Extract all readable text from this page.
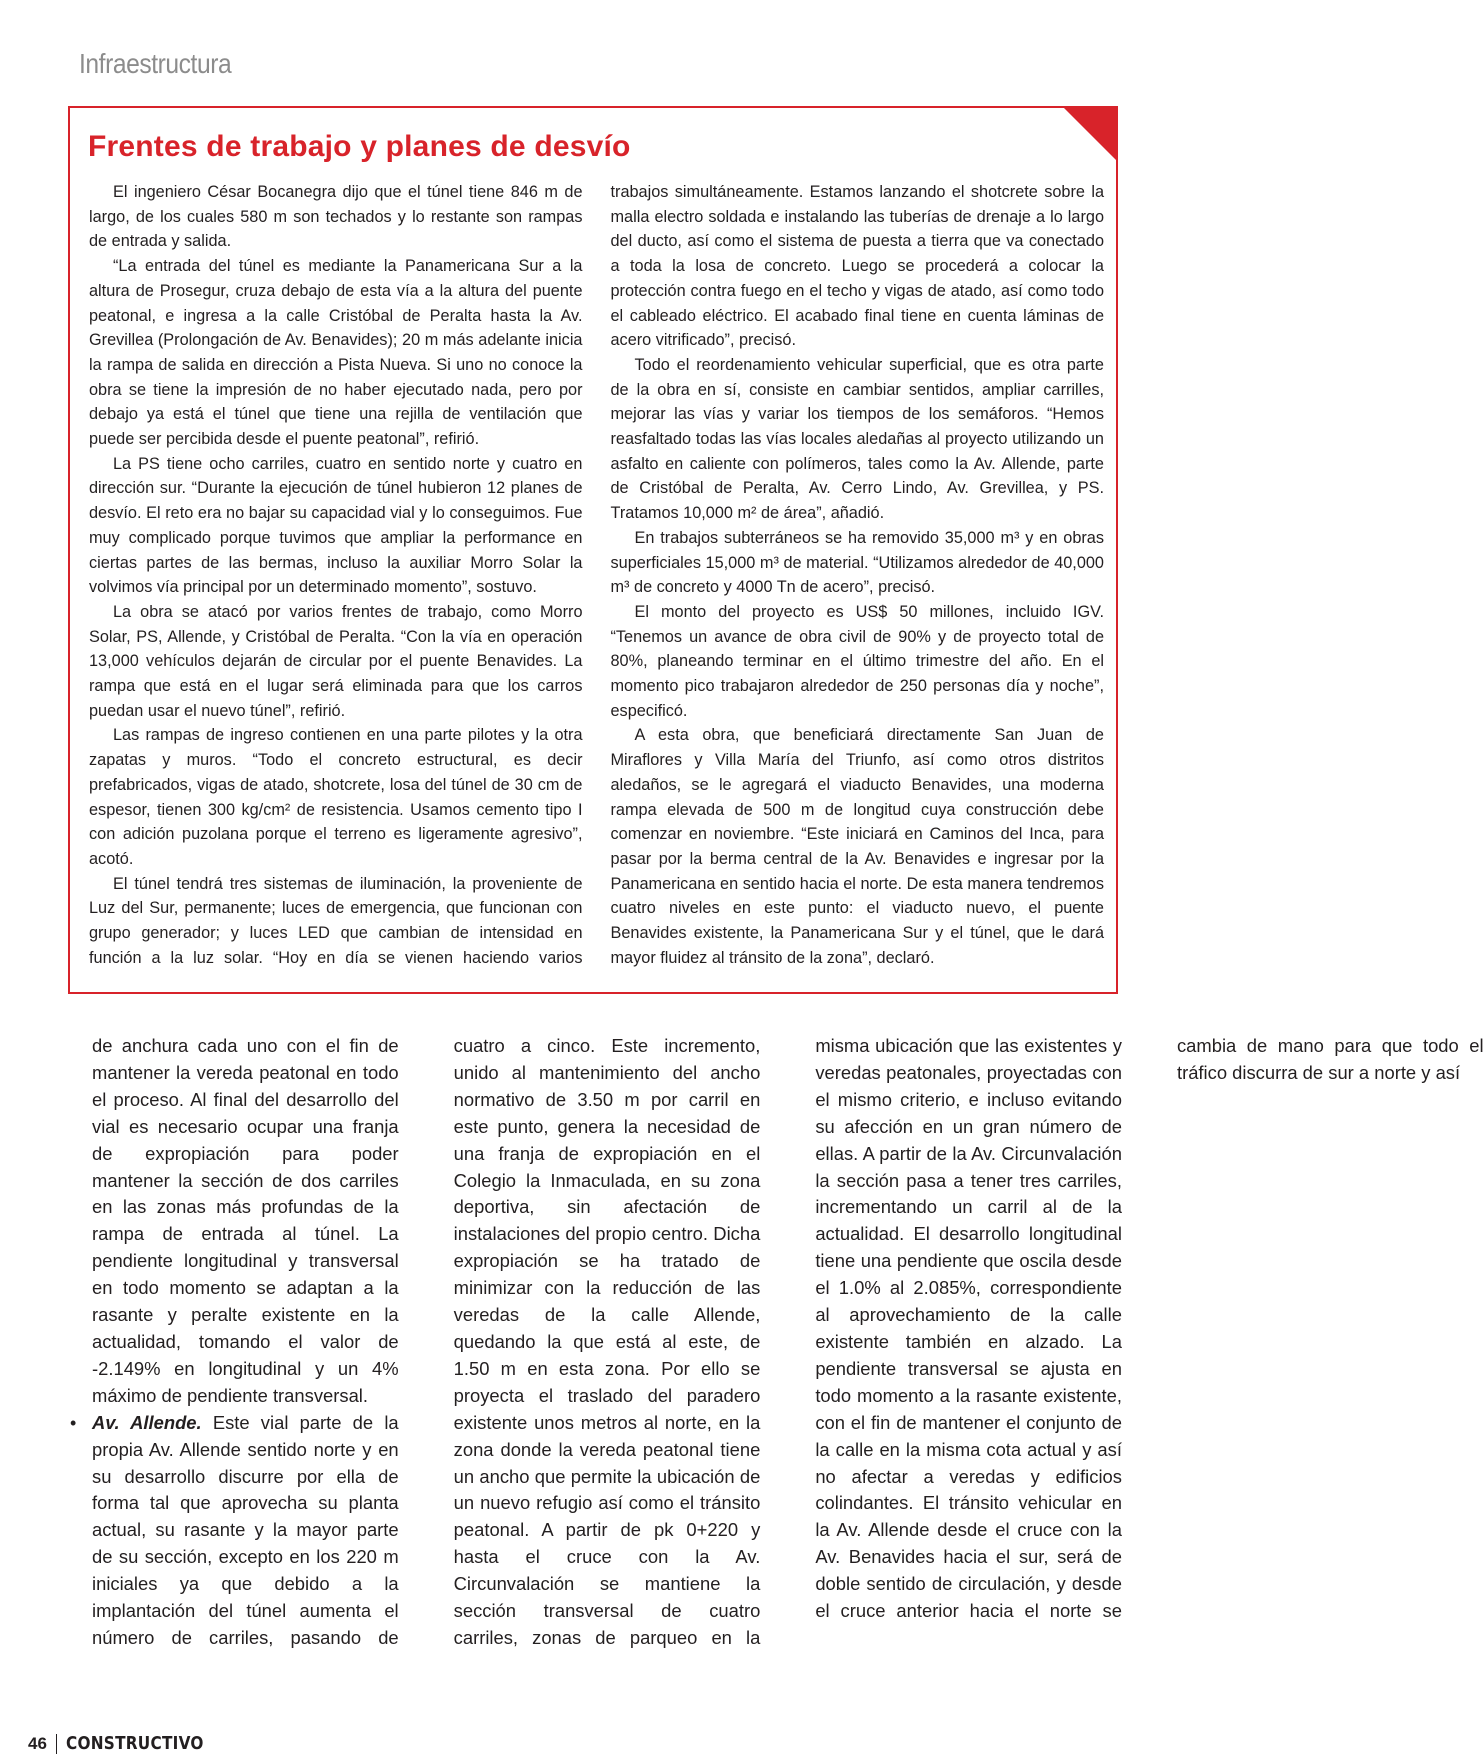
Infraestructura
Frentes de trabajo y planes de desvío

El ingeniero César Bocanegra dijo que el túnel tiene 846 m de largo, de los cuales 580 m son techados y lo restante son rampas de entrada y salida.

“La entrada del túnel es mediante la Panamericana Sur a la altura de Prosegur, cruza debajo de esta vía a la altura del puente peatonal, e ingresa a la calle Cristóbal de Peralta hasta la Av. Grevillea (Prolongación de Av. Benavides); 20 m más adelante inicia la rampa de salida en dirección a Pista Nueva. Si uno no conoce la obra se tiene la impresión de no haber ejecutado nada, pero por debajo ya está el túnel que tiene una rejilla de ventilación que puede ser percibida desde el puente peatonal”, refirió.

La PS tiene ocho carriles, cuatro en sentido norte y cuatro en dirección sur. “Durante la ejecución de túnel hubieron 12 planes de desvío. El reto era no bajar su capacidad vial y lo conseguimos. Fue muy complicado porque tuvimos que ampliar la performance en ciertas partes de las bermas, incluso la auxiliar Morro Solar la volvimos vía principal por un determinado momento”, sostuvo.

La obra se atacó por varios frentes de trabajo, como Morro Solar, PS, Allende, y Cristóbal de Peralta. “Con la vía en operación 13,000 vehículos dejarán de circular por el puente Benavides. La rampa que está en el lugar será eliminada para que los carros puedan usar el nuevo túnel”, refirió.

Las rampas de ingreso contienen en una parte pilotes y la otra zapatas y muros. “Todo el concreto estructural, es decir prefabricados, vigas de atado, shotcrete, losa del túnel de 30 cm de espesor, tienen 300 kg/cm² de resistencia. Usamos cemento tipo I con adición puzolana porque el terreno es ligeramente agresivo”, acotó.

El túnel tendrá tres sistemas de iluminación, la proveniente de Luz del Sur, permanente; luces de emergencia, que funcionan con grupo generador; y luces LED que cambian de intensidad en función a la luz solar. “Hoy en día se vienen haciendo varios trabajos simultáneamente. Estamos lanzando el shotcrete sobre la malla electro soldada e instalando las tuberías de drenaje a lo largo del ducto, así como el sistema de puesta a tierra que va conectado a toda la losa de concreto. Luego se procederá a colocar la protección contra fuego en el techo y vigas de atado, así como todo el cableado eléctrico. El acabado final tiene en cuenta láminas de acero vitrificado”, precisó.

Todo el reordenamiento vehicular superficial, que es otra parte de la obra en sí, consiste en cambiar sentidos, ampliar carrilles, mejorar las vías y variar los tiempos de los semáforos. “Hemos reasfaltado todas las vías locales aledañas al proyecto utilizando un asfalto en caliente con polímeros, tales como la Av. Allende, parte de Cristóbal de Peralta, Av. Cerro Lindo, Av. Grevillea, y PS. Tratamos 10,000 m² de área”, añadió.

En trabajos subterráneos se ha removido 35,000 m³ y en obras superficiales 15,000 m³ de material. “Utilizamos alrededor de 40,000 m³ de concreto y 4000 Tn de acero”, precisó.

El monto del proyecto es US$ 50 millones, incluido IGV. “Tenemos un avance de obra civil de 90% y de proyecto total de 80%, planeando terminar en el último trimestre del año. En el momento pico trabajaron alrededor de 250 personas día y noche”, especificó.

A esta obra, que beneficiará directamente San Juan de Miraflores y Villa María del Triunfo, así como otros distritos aledaños, se le agregará el viaducto Benavides, una moderna rampa elevada de 500 m de longitud cuya construcción debe comenzar en noviembre. “Este iniciará en Caminos del Inca, para pasar por la berma central de la Av. Benavides e ingresar por la Panamericana en sentido hacia el norte. De esta manera tendremos cuatro niveles en este punto: el viaducto nuevo, el puente Benavides existente, la Panamericana Sur y el túnel, que le dará mayor fluidez al tránsito de la zona”, declaró.

de anchura cada uno con el fin de mantener la vereda peatonal en todo el proceso. Al final del desarrollo del vial es necesario ocupar una franja de expropiación para poder mantener la sección de dos carriles en las zonas más profundas de la rampa de entrada al túnel. La pendiente longitudinal y transversal en todo momento se adaptan a la rasante y peralte existente en la actualidad, tomando el valor de -2.149% en longitudinal y un 4% máximo de pendiente transversal.

• Av. Allende. Este vial parte de la propia Av. Allende sentido norte y en su desarrollo discurre por ella de forma tal que aprovecha su planta actual, su rasante y la mayor parte de su sección, excepto en los 220 m iniciales ya que debido a la implantación del túnel aumenta el número de carriles, pasando de cuatro a cinco. Este incremento, unido al mantenimiento del ancho normativo de 3.50 m por carril en este punto, genera la necesidad de una franja de expropiación en el Colegio la Inmaculada, en su zona deportiva, sin afectación de instalaciones del propio centro. Dicha expropiación se ha tratado de minimizar con la reducción de las veredas de la calle Allende, quedando la que está al este, de 1.50 m en esta zona. Por ello se proyecta el traslado del paradero existente unos metros al norte, en la zona donde la vereda peatonal tiene un ancho que permite la ubicación de un nuevo refugio así como el tránsito peatonal. A partir de pk 0+220 y hasta el cruce con la Av. Circunvalación se mantiene la sección transversal de cuatro carriles, zonas de parqueo en la misma ubicación que las existentes y veredas peatonales, proyectadas con el mismo criterio, e incluso evitando su afección en un gran número de ellas. A partir de la Av. Circunvalación la sección pasa a tener tres carriles, incrementando un carril al de la actualidad. El desarrollo longitudinal tiene una pendiente que oscila desde el 1.0% al 2.085%, correspondiente al aprovechamiento de la calle existente también en alzado. La pendiente transversal se ajusta en todo momento a la rasante existente, con el fin de mantener el conjunto de la calle en la misma cota actual y así no afectar a veredas y edificios colindantes. El tránsito vehicular en la Av. Allende desde el cruce con la Av. Benavides hacia el sur, será de doble sentido de circulación, y desde el cruce anterior hacia el norte se cambia de mano para que todo el tráfico discurra de sur a norte y así

46 CONSTRUCTIVO
